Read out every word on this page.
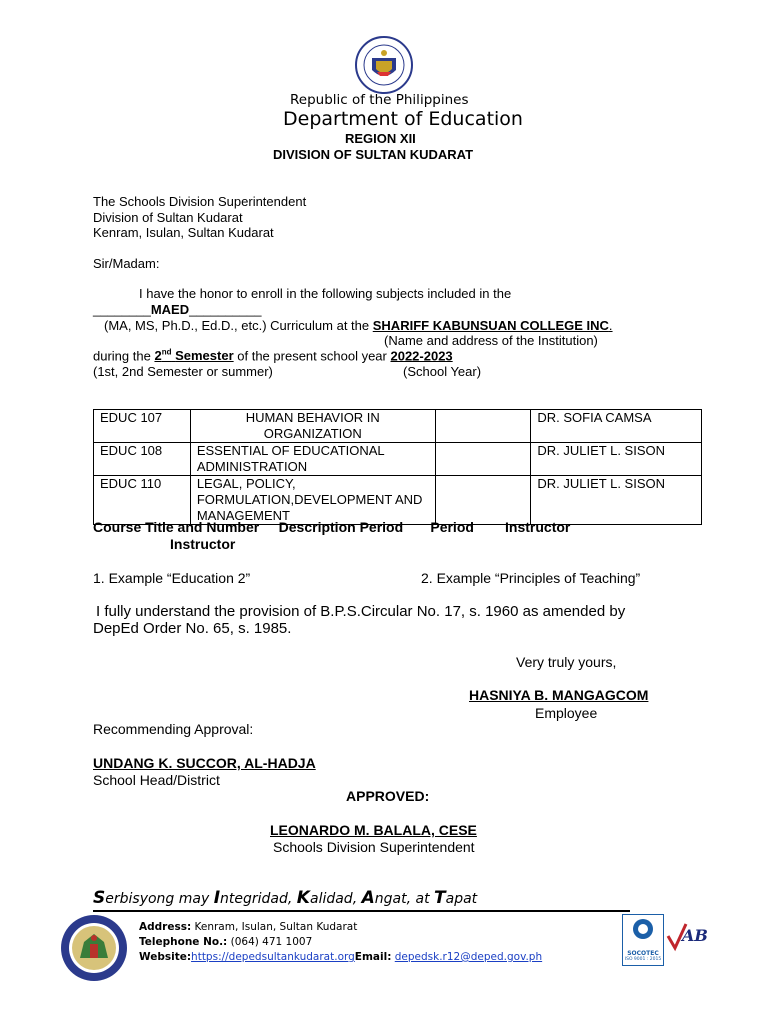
Republic of the Philippines
Department of Education
REGION XII
DIVISION OF SULTAN KUDARAT
The Schools Division Superintendent
Division of Sultan Kudarat
Kenram, Isulan, Sultan Kudarat
Sir/Madam:
I have the honor to enroll in the following subjects included in the
________MAED__________
(MA, MS, Ph.D., Ed.D., etc.) Curriculum at the SHARIFF KABUNSUAN COLLEGE INC.
(Name and address of the Institution)
during the 2nd Semester of the present school year 2022-2023
(1st, 2nd Semester or summer)	(School Year)
EDUC 107	HUMAN BEHAVIOR IN ORGANIZATION		DR. SOFIA CAMSA
EDUC 108	ESSENTIAL OF EDUCATIONAL ADMINISTRATION		DR. JULIET L. SISON
EDUC 110	LEGAL, POLICY, FORMULATION,DEVELOPMENT AND MANAGEMENT		DR. JULIET L. SISON
Course Title and Number     Description Period       Period        Instructor
Instructor
1. Example “Education 2”	2. Example “Principles of Teaching”
I fully understand the provision of B.P.S.Circular No. 17, s. 1960 as amended by
DepEd Order No. 65, s. 1985.
Very truly yours,
HASNIYA B. MANGAGCOM
Employee
Recommending Approval:
UNDANG K. SUCCOR, AL-HADJA
School Head/District
APPROVED:
LEONARDO M. BALALA, CESE
Schools Division Superintendent
Serbisyong may Integridad, Kalidad, Angat, at Tapat
Address: Kenram, Isulan, Sultan Kudarat
Telephone No.: (064) 471 1007
Website:https://depedsultankudarat.orgEmail: depedsk.r12@deped.gov.ph	SOCOTEC
ISO 9001 : 2015
AB
